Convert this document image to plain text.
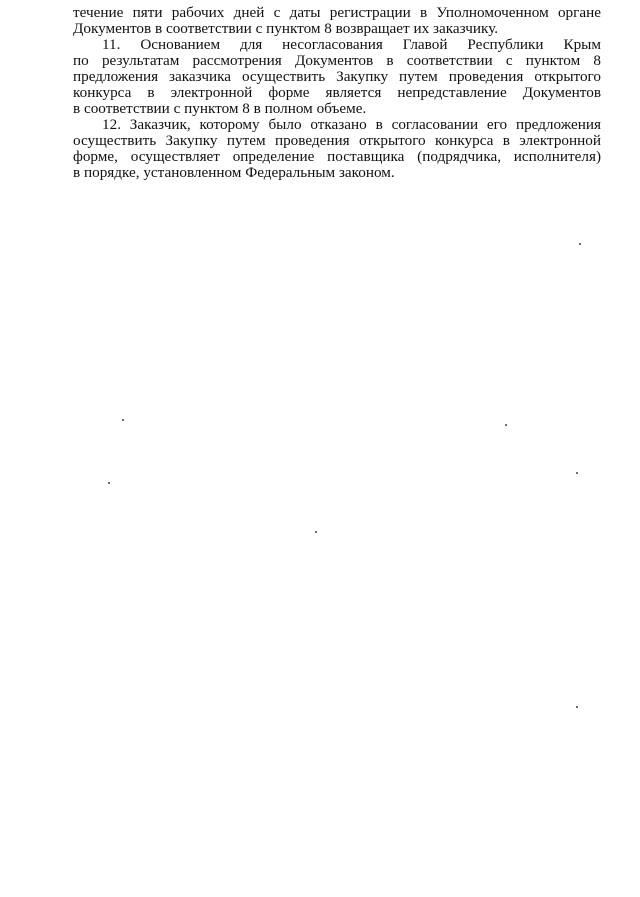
течение пяти рабочих дней с даты регистрации в Уполномоченном органе
Документов в соответствии с пунктом 8 возвращает их заказчику.
11. Основанием для несогласования Главой Республики Крым
по результатам рассмотрения Документов в соответствии с пунктом 8
предложения заказчика осуществить Закупку путем проведения открытого
конкурса в электронной форме является непредставление Документов
в соответствии с пунктом 8 в полном объеме.
12. Заказчик, которому было отказано в согласовании его предложения
осуществить Закупку путем проведения открытого конкурса в электронной
форме, осуществляет определение поставщика (подрядчика, исполнителя)
в порядке, установленном Федеральным законом.
